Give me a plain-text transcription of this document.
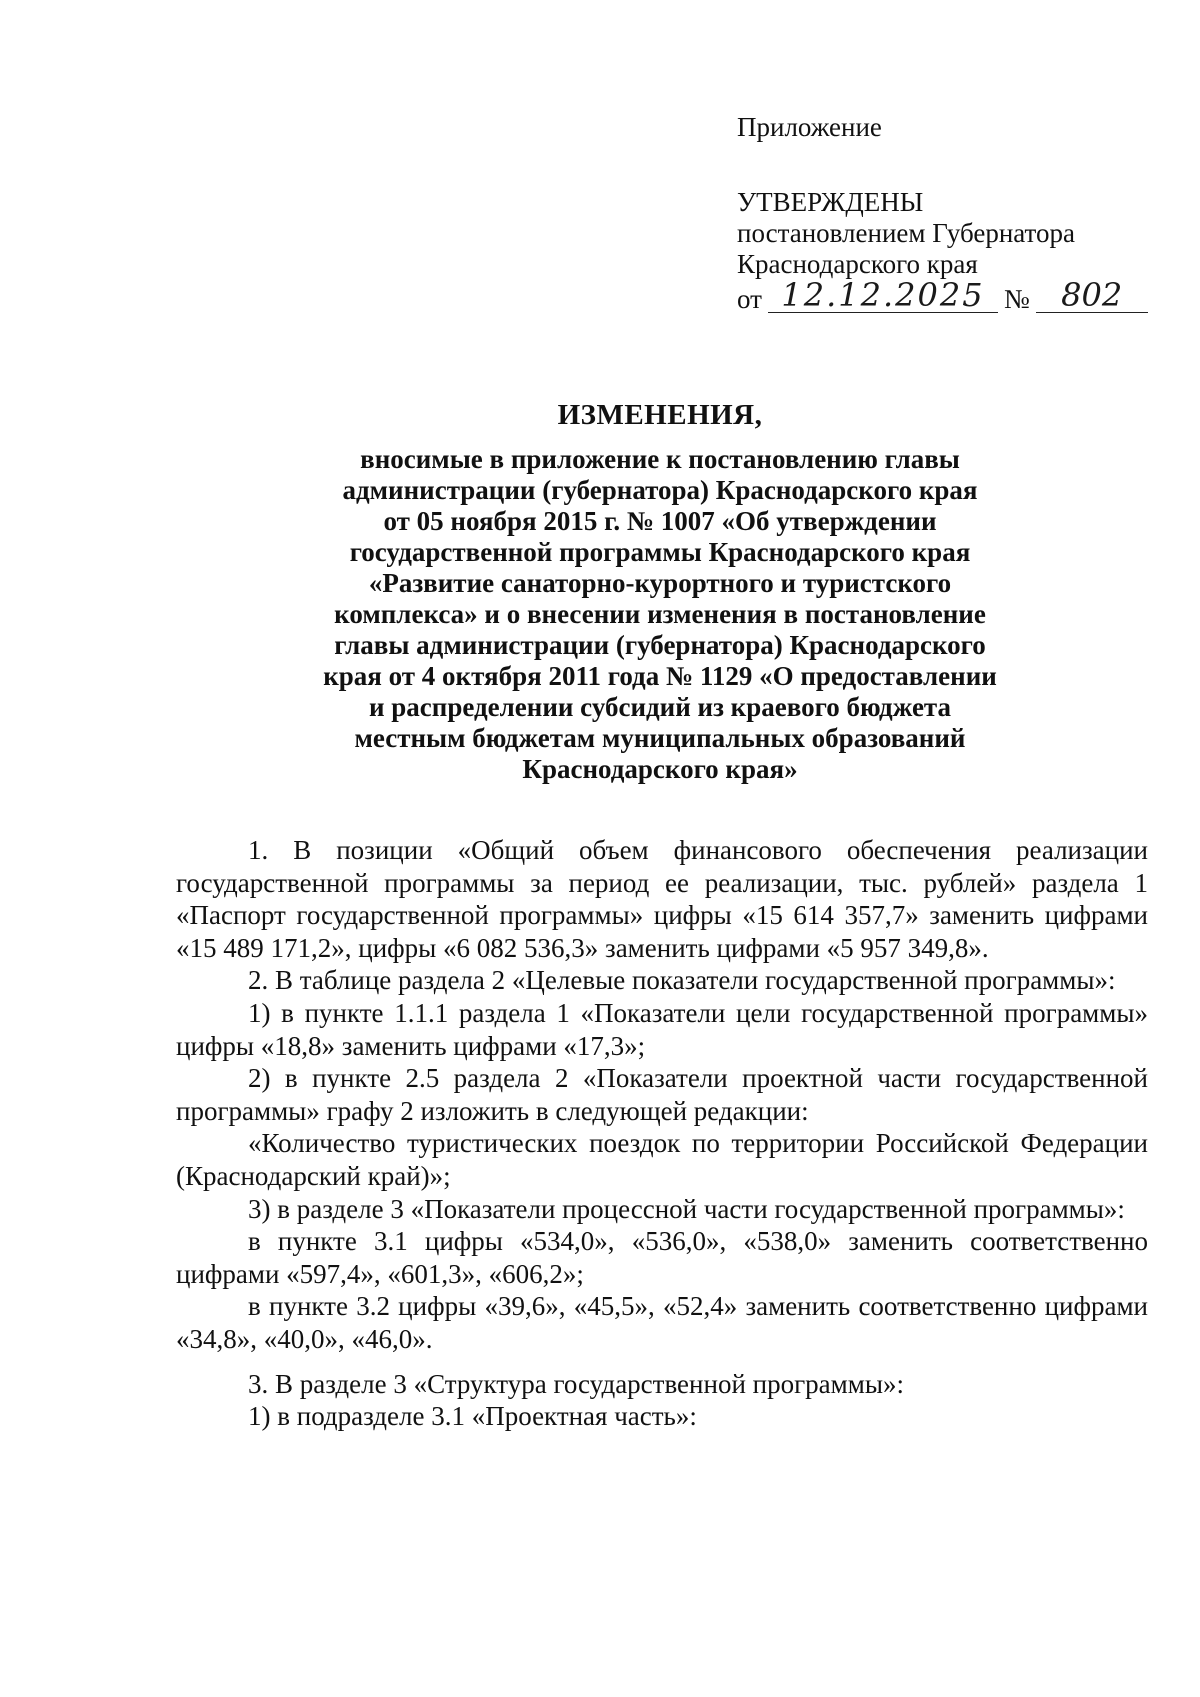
Приложение
УТВЕРЖДЕНЫ
постановлением Губернатора
Краснодарского края
от 12.12.2025 № 802
ИЗМЕНЕНИЯ,
вносимые в приложение к постановлению главы
администрации (губернатора) Краснодарского края
от 05 ноября 2015 г. № 1007 «Об утверждении
государственной программы Краснодарского края
«Развитие санаторно-курортного и туристского
комплекса» и о внесении изменения в постановление
главы администрации (губернатора) Краснодарского
края от 4 октября 2011 года № 1129 «О предоставлении
и распределении субсидий из краевого бюджета
местным бюджетам муниципальных образований
Краснодарского края»

1. В позиции «Общий объем финансового обеспечения реализации государственной программы за период ее реализации, тыс. рублей» раздела 1 «Паспорт государственной программы» цифры «15 614 357,7» заменить цифрами «15 489 171,2», цифры «6 082 536,3» заменить цифрами «5 957 349,8».

2. В таблице раздела 2 «Целевые показатели государственной программы»:

1) в пункте 1.1.1 раздела 1 «Показатели цели государственной программы» цифры «18,8» заменить цифрами «17,3»;

2) в пункте 2.5 раздела 2 «Показатели проектной части государственной программы» графу 2 изложить в следующей редакции:

«Количество туристических поездок по территории Российской Федерации (Краснодарский край)»;

3) в разделе 3 «Показатели процессной части государственной программы»:

в пункте 3.1 цифры «534,0», «536,0», «538,0» заменить соответственно цифрами «597,4», «601,3», «606,2»;

в пункте 3.2 цифры «39,6», «45,5», «52,4» заменить соответственно цифрами «34,8», «40,0», «46,0».

3. В разделе 3 «Структура государственной программы»:

1) в подразделе 3.1 «Проектная часть»:
